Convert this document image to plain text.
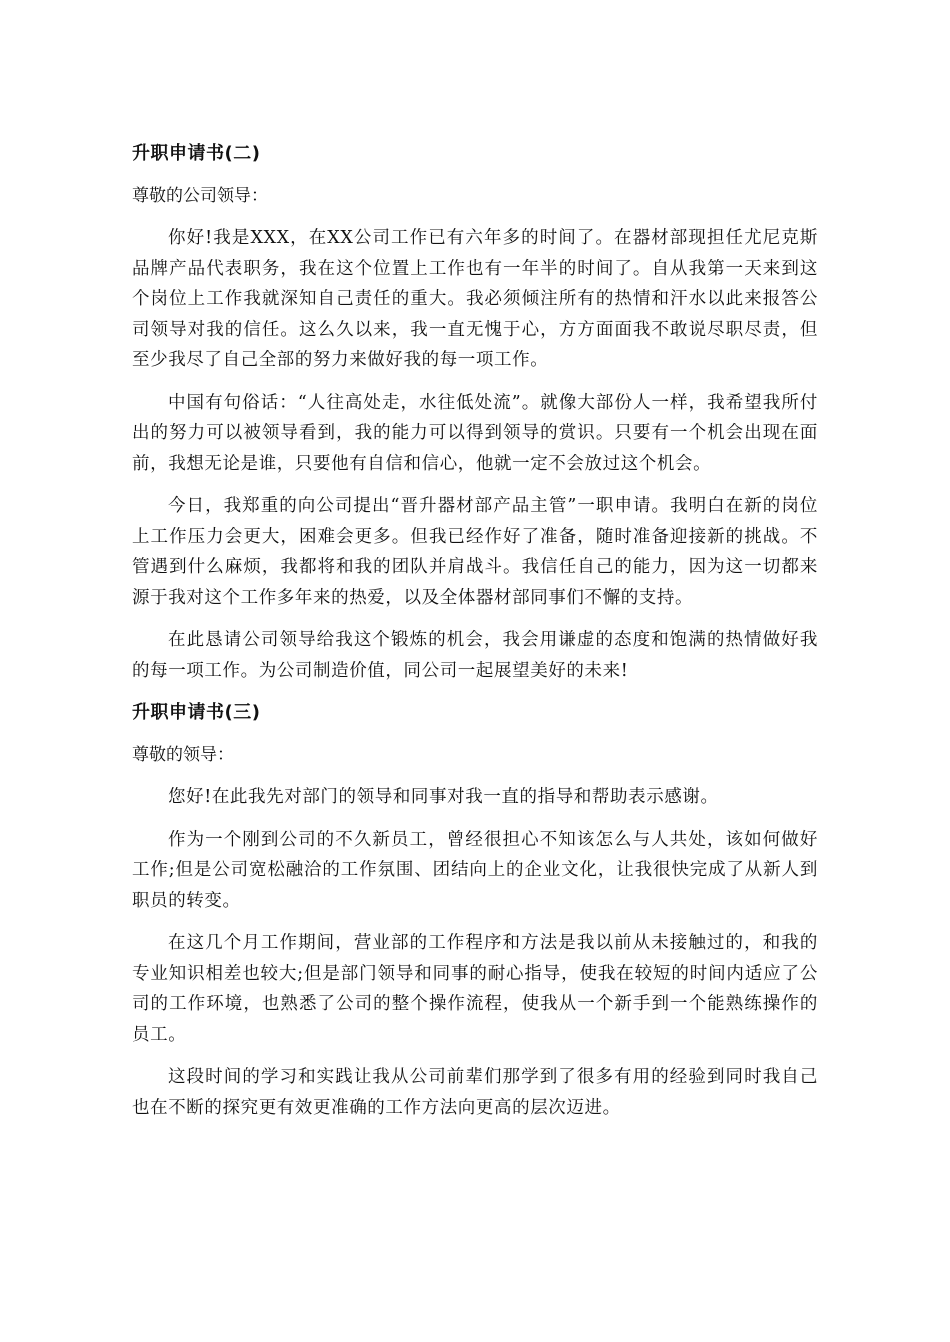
升职申请书(二)

尊敬的公司领导：

你好!我是XXX，在XX公司工作已有六年多的时间了。在器材部现担任尤尼克斯品牌产品代表职务，我在这个位置上工作也有一年半的时间了。自从我第一天来到这个岗位上工作我就深知自己责任的重大。我必须倾注所有的热情和汗水以此来报答公司领导对我的信任。这么久以来，我一直无愧于心，方方面面我不敢说尽职尽责，但至少我尽了自己全部的努力来做好我的每一项工作。

中国有句俗话：“人往高处走，水往低处流”。就像大部份人一样，我希望我所付出的努力可以被领导看到，我的能力可以得到领导的赏识。只要有一个机会出现在面前，我想无论是谁，只要他有自信和信心，他就一定不会放过这个机会。

今日，我郑重的向公司提出“晋升器材部产品主管”一职申请。我明白在新的岗位上工作压力会更大，困难会更多。但我已经作好了准备，随时准备迎接新的挑战。不管遇到什么麻烦，我都将和我的团队并肩战斗。我信任自己的能力，因为这一切都来源于我对这个工作多年来的热爱，以及全体器材部同事们不懈的支持。

在此恳请公司领导给我这个锻炼的机会，我会用谦虚的态度和饱满的热情做好我的每一项工作。为公司制造价值，同公司一起展望美好的未来!

升职申请书(三)

尊敬的领导：

您好!在此我先对部门的领导和同事对我一直的指导和帮助表示感谢。

作为一个刚到公司的不久新员工，曾经很担心不知该怎么与人共处，该如何做好工作;但是公司宽松融洽的工作氛围、团结向上的企业文化，让我很快完成了从新人到职员的转变。

在这几个月工作期间，营业部的工作程序和方法是我以前从未接触过的，和我的专业知识相差也较大;但是部门领导和同事的耐心指导，使我在较短的时间内适应了公司的工作环境，也熟悉了公司的整个操作流程，使我从一个新手到一个能熟练操作的员工。

这段时间的学习和实践让我从公司前辈们那学到了很多有用的经验到同时我自己也在不断的探究更有效更准确的工作方法向更高的层次迈进。
